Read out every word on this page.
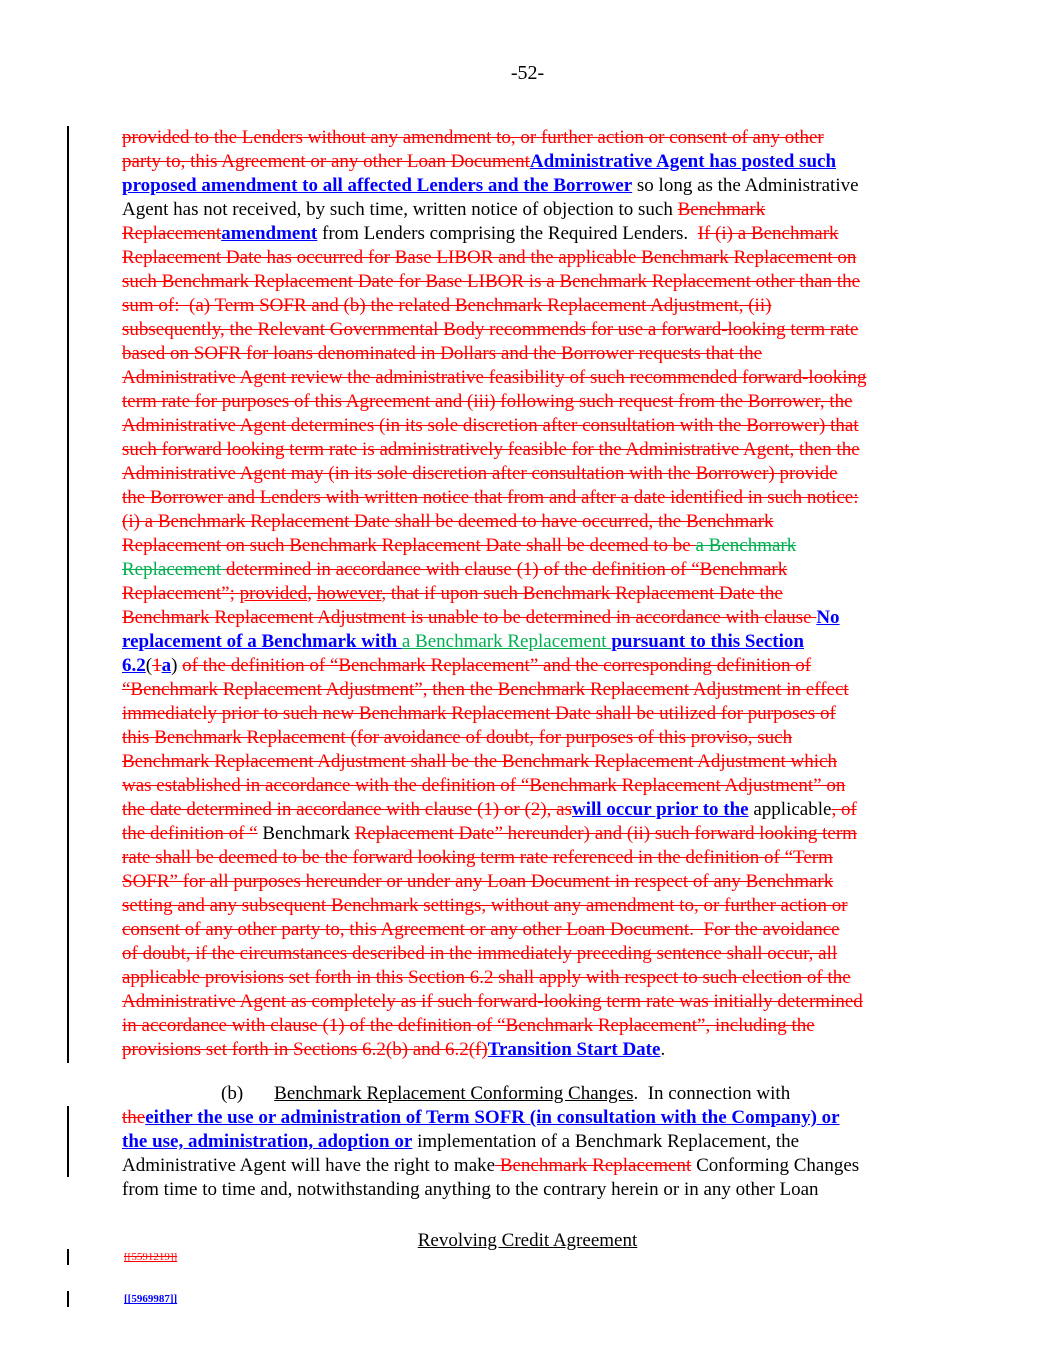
-52-
provided to the Lenders without any amendment to, or further action or consent of any other
party to, this Agreement or any other Loan DocumentAdministrative Agent has posted such
proposed amendment to all affected Lenders and the Borrower so long as the Administrative
Agent has not received, by such time, written notice of objection to such Benchmark
Replacementamendment from Lenders comprising the Required Lenders.  If (i) a Benchmark
Replacement Date has occurred for Base LIBOR and the applicable Benchmark Replacement on
such Benchmark Replacement Date for Base LIBOR is a Benchmark Replacement other than the
sum of:  (a) Term SOFR and (b) the related Benchmark Replacement Adjustment, (ii)
subsequently, the Relevant Governmental Body recommends for use a forward-looking term rate
based on SOFR for loans denominated in Dollars and the Borrower requests that the
Administrative Agent review the administrative feasibility of such recommended forward-looking
term rate for purposes of this Agreement and (iii) following such request from the Borrower, the
Administrative Agent determines (in its sole discretion after consultation with the Borrower) that
such forward looking term rate is administratively feasible for the Administrative Agent, then the
Administrative Agent may (in its sole discretion after consultation with the Borrower) provide
the Borrower and Lenders with written notice that from and after a date identified in such notice:
(i) a Benchmark Replacement Date shall be deemed to have occurred, the Benchmark
Replacement on such Benchmark Replacement Date shall be deemed to be a Benchmark
Replacement determined in accordance with clause (1) of the definition of “Benchmark
Replacement”; provided, however, that if upon such Benchmark Replacement Date the
Benchmark Replacement Adjustment is unable to be determined in accordance with clause No
replacement of a Benchmark with a Benchmark Replacement pursuant to this Section
6.2(1a) of the definition of “Benchmark Replacement” and the corresponding definition of
“Benchmark Replacement Adjustment”, then the Benchmark Replacement Adjustment in effect
immediately prior to such new Benchmark Replacement Date shall be utilized for purposes of
this Benchmark Replacement (for avoidance of doubt, for purposes of this proviso, such
Benchmark Replacement Adjustment shall be the Benchmark Replacement Adjustment which
was established in accordance with the definition of “Benchmark Replacement Adjustment” on
the date determined in accordance with clause (1) or (2), aswill occur prior to the applicable, of
the definition of “ Benchmark Replacement Date” hereunder) and (ii) such forward looking term
rate shall be deemed to be the forward looking term rate referenced in the definition of “Term
SOFR” for all purposes hereunder or under any Loan Document in respect of any Benchmark
setting and any subsequent Benchmark settings, without any amendment to, or further action or
consent of any other party to, this Agreement or any other Loan Document.  For the avoidance
of doubt, if the circumstances described in the immediately preceding sentence shall occur, all
applicable provisions set forth in this Section 6.2 shall apply with respect to such election of the
Administrative Agent as completely as if such forward-looking term rate was initially determined
in accordance with clause (1) of the definition of “Benchmark Replacement”, including the
provisions set forth in Sections 6.2(b) and 6.2(f)Transition Start Date.
(b) Benchmark Replacement Conforming Changes.  In connection with
theeither the use or administration of Term SOFR (in consultation with the Company) or
the use, administration, adoption or implementation of a Benchmark Replacement, the
Administrative Agent will have the right to make Benchmark Replacement Conforming Changes
from time to time and, notwithstanding anything to the contrary herein or in any other Loan
Revolving Credit Agreement
[[5591219]]
[[5969987]]
